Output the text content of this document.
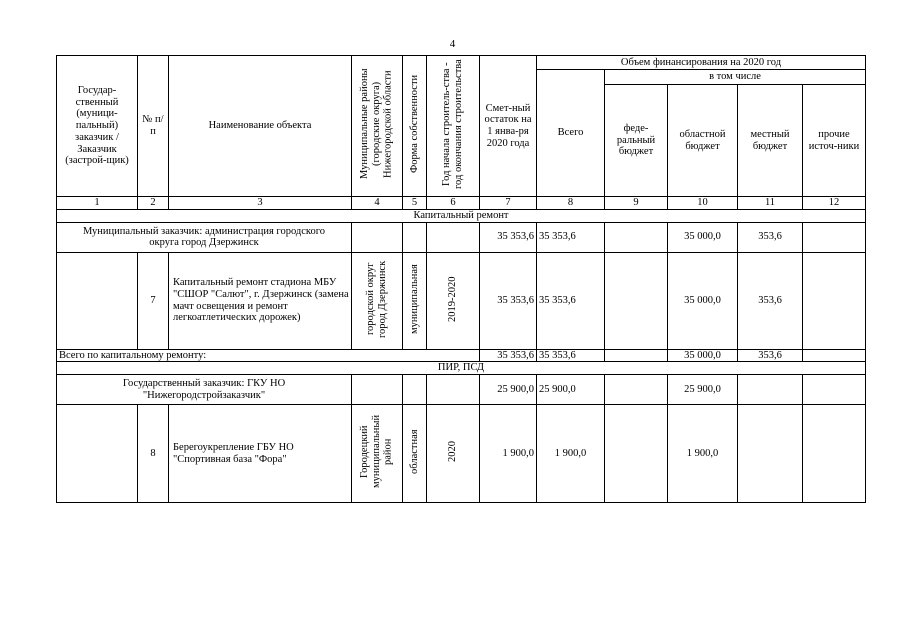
4
Государ-ственный (муници-пальный) заказчик / Заказчик (застрой-щик)	№ п/п	Наименование объекта	Муниципальные районы (городские округа) Нижегородской области	Форма собственности	Год начала строитель-ства - год окончания строительства	Смет-ный остаток на 1 янва-ря 2020 года	Объем финансирования на 2020 год				
							Всего	в том числе			
								феде-ральный бюджет	областной бюджет	местный бюджет	прочие источ-ники
1	2	3	4	5	6	7	8	9	10	11	12
Капитальный ремонт											
Муниципальный заказчик: администрация городского округа город Дзержинск						35 353,6	35 353,6		35 000,0	353,6	
	7	Капитальный ремонт стадиона МБУ "СШОР "Салют", г. Дзержинск (замена мачт освещения и ремонт легкоатлетических дорожек)	городской округ город Дзержинск	муниципальная	2019-2020	35 353,6	35 353,6		35 000,0	353,6	
Всего по капитальному ремонту:						35 353,6	35 353,6		35 000,0	353,6	
ПИР, ПСД											
Государственный заказчик: ГКУ НО "Нижегородстройзаказчик"						25 900,0	25 900,0		25 900,0		
	8	Берегоукрепление ГБУ НО "Спортивная база "Фора"	Городецкий муниципальный район	областная	2020	1 900,0	1 900,0		1 900,0		
